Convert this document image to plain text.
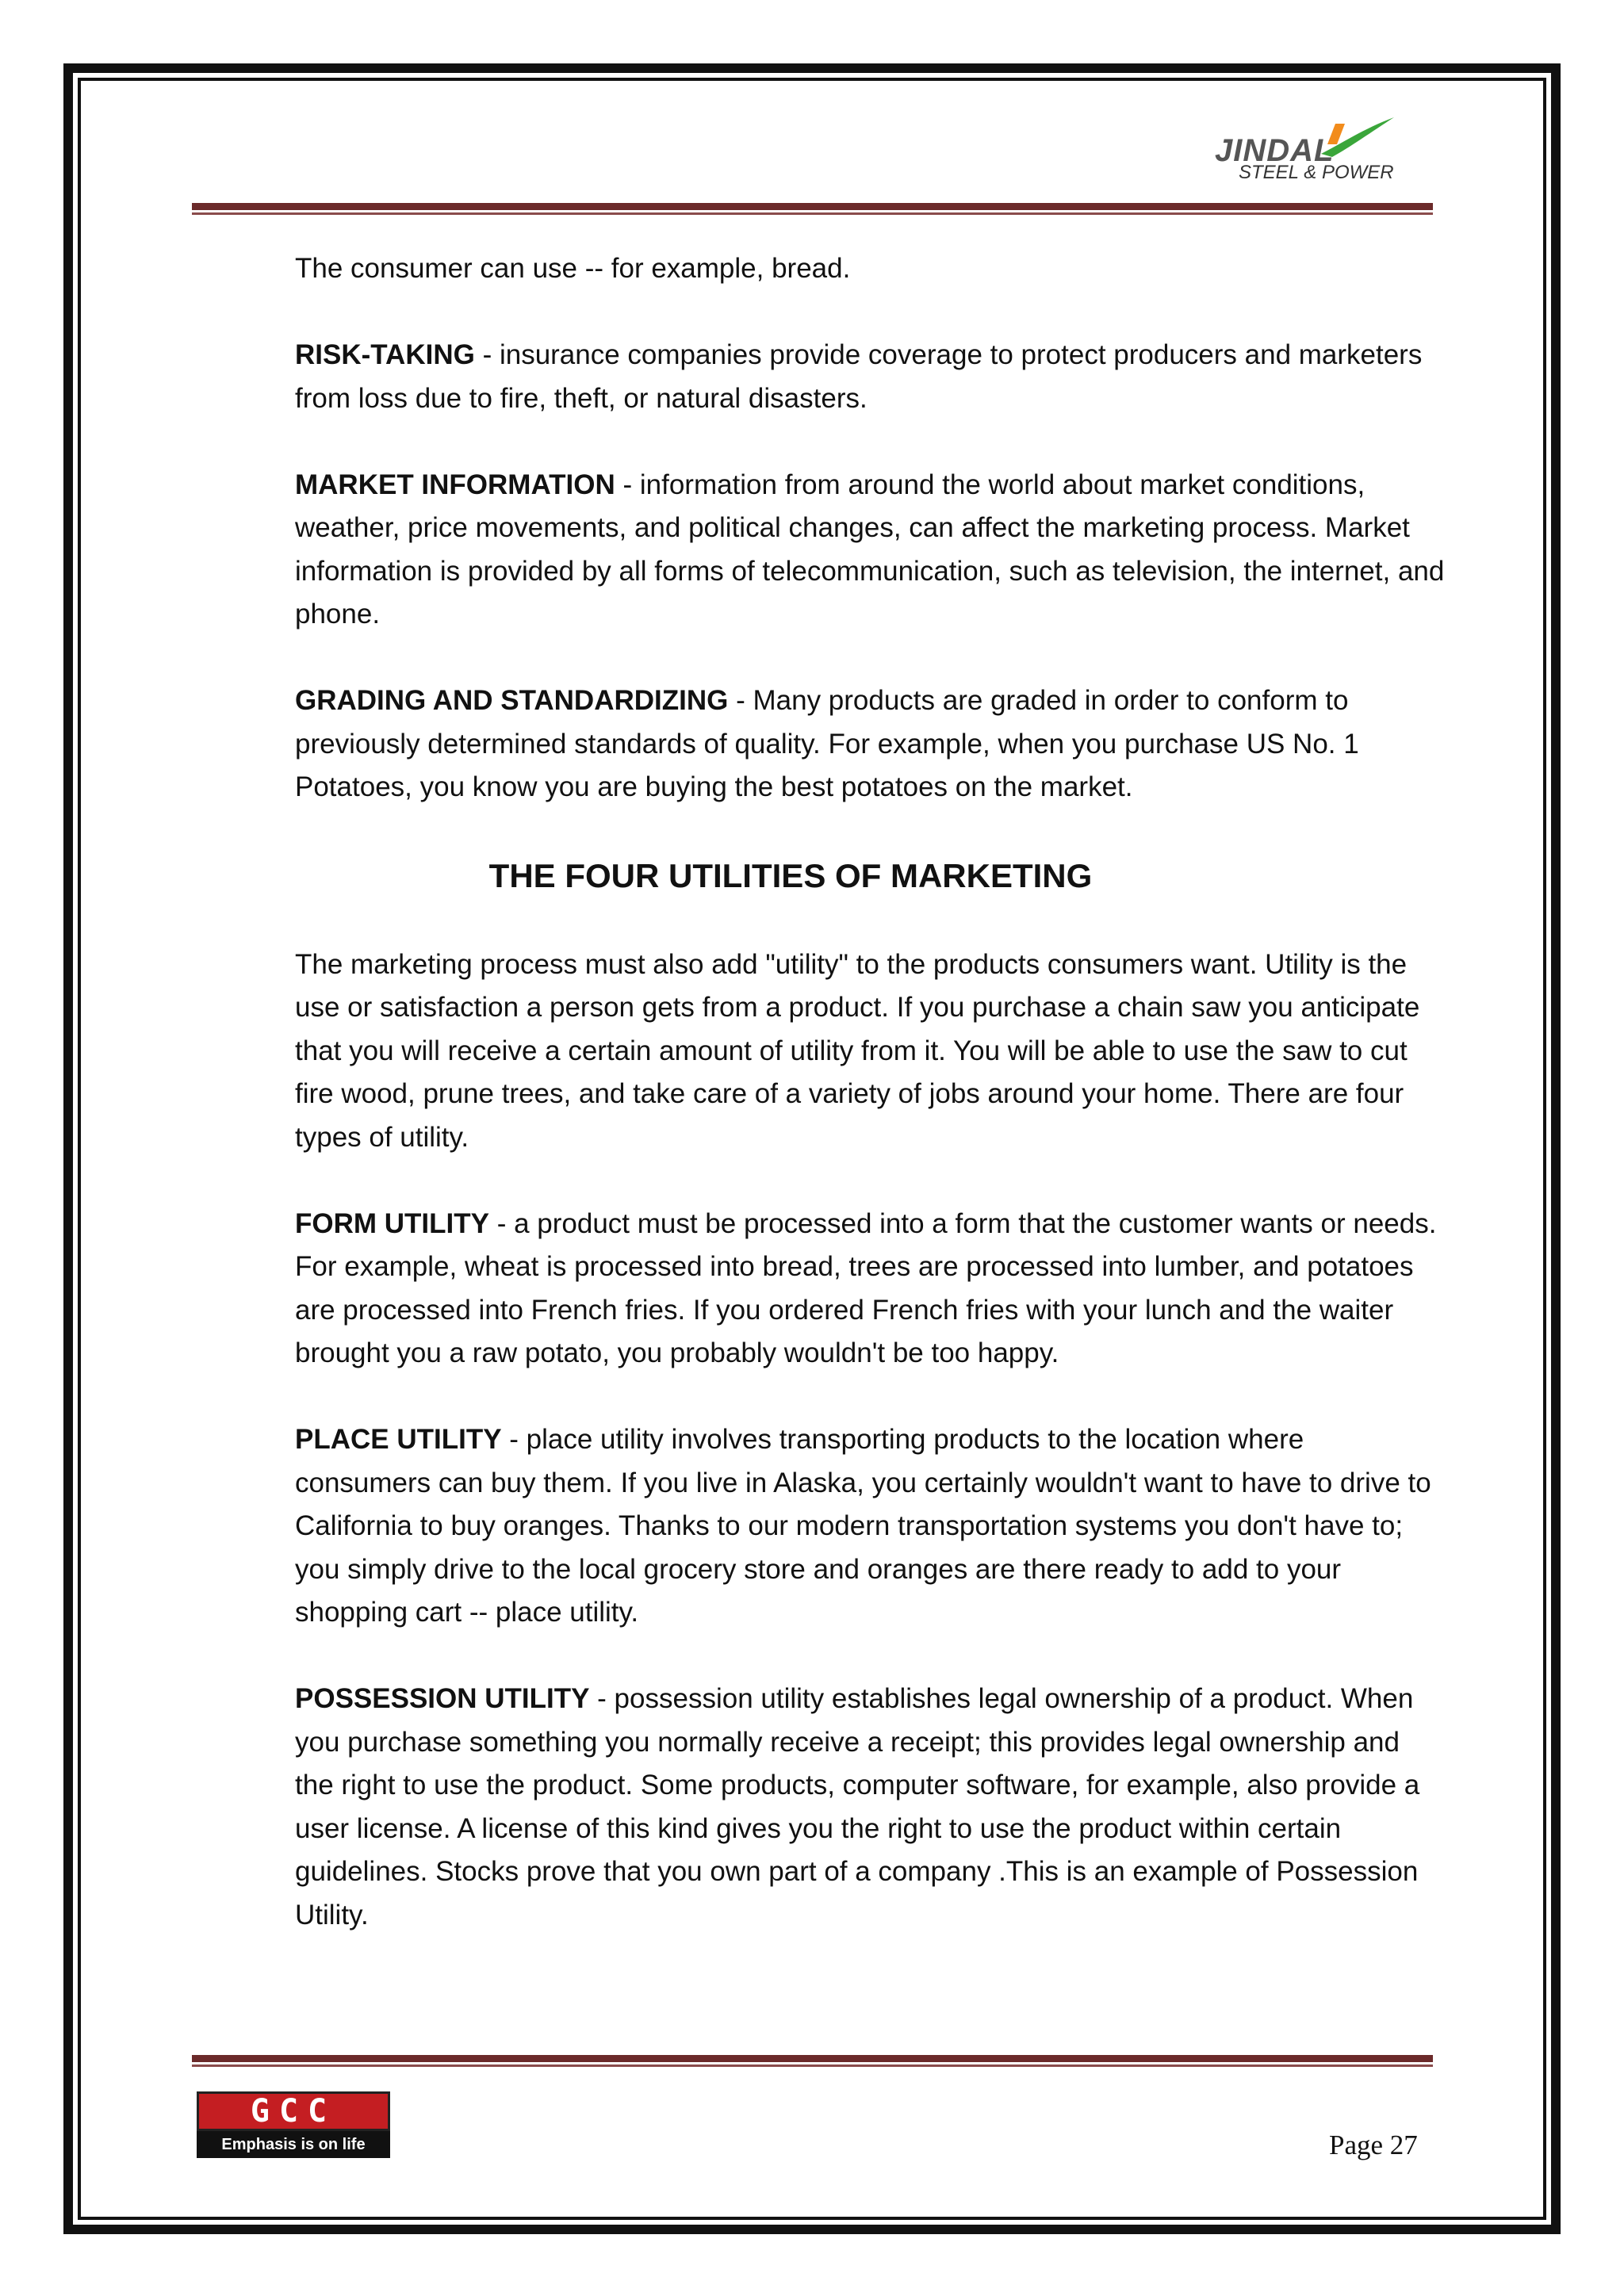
JINDAL
STEEL & POWER

The consumer can use -- for example, bread.

RISK-TAKING - insurance companies provide coverage to protect producers and marketers from loss due to fire, theft, or natural disasters.

MARKET INFORMATION - information from around the world about market conditions, weather, price movements, and political changes, can affect the marketing process. Market information is provided by all forms of telecommunication, such as television, the internet, and phone.

GRADING AND STANDARDIZING - Many products are graded in order to conform to previously determined standards of quality. For example, when you purchase US No. 1 Potatoes, you know you are buying the best potatoes on the market.

THE FOUR UTILITIES OF MARKETING

The marketing process must also add "utility" to the products consumers want. Utility is the use or satisfaction a person gets from a product. If you purchase a chain saw you anticipate that you will receive a certain amount of utility from it. You will be able to use the saw to cut fire wood, prune trees, and take care of a variety of jobs around your home. There are four types of utility.

FORM UTILITY - a product must be processed into a form that the customer wants or needs. For example, wheat is processed into bread, trees are processed into lumber, and potatoes are processed into French fries. If you ordered French fries with your lunch and the waiter brought you a raw potato, you probably wouldn't be too happy.

PLACE UTILITY - place utility involves transporting products to the location where consumers can buy them. If you live in Alaska, you certainly wouldn't want to have to drive to California to buy oranges. Thanks to our modern transportation systems you don't have to; you simply drive to the local grocery store and oranges are there ready to add to your shopping cart -- place utility.

POSSESSION UTILITY - possession utility establishes legal ownership of a product. When you purchase something you normally receive a receipt; this provides legal ownership and the right to use the product. Some products, computer software, for example, also provide a user license. A license of this kind gives you the right to use the product within certain guidelines. Stocks prove that you own part of a company .This is an example of Possession Utility.

GCC
Emphasis is on life	Page 27
